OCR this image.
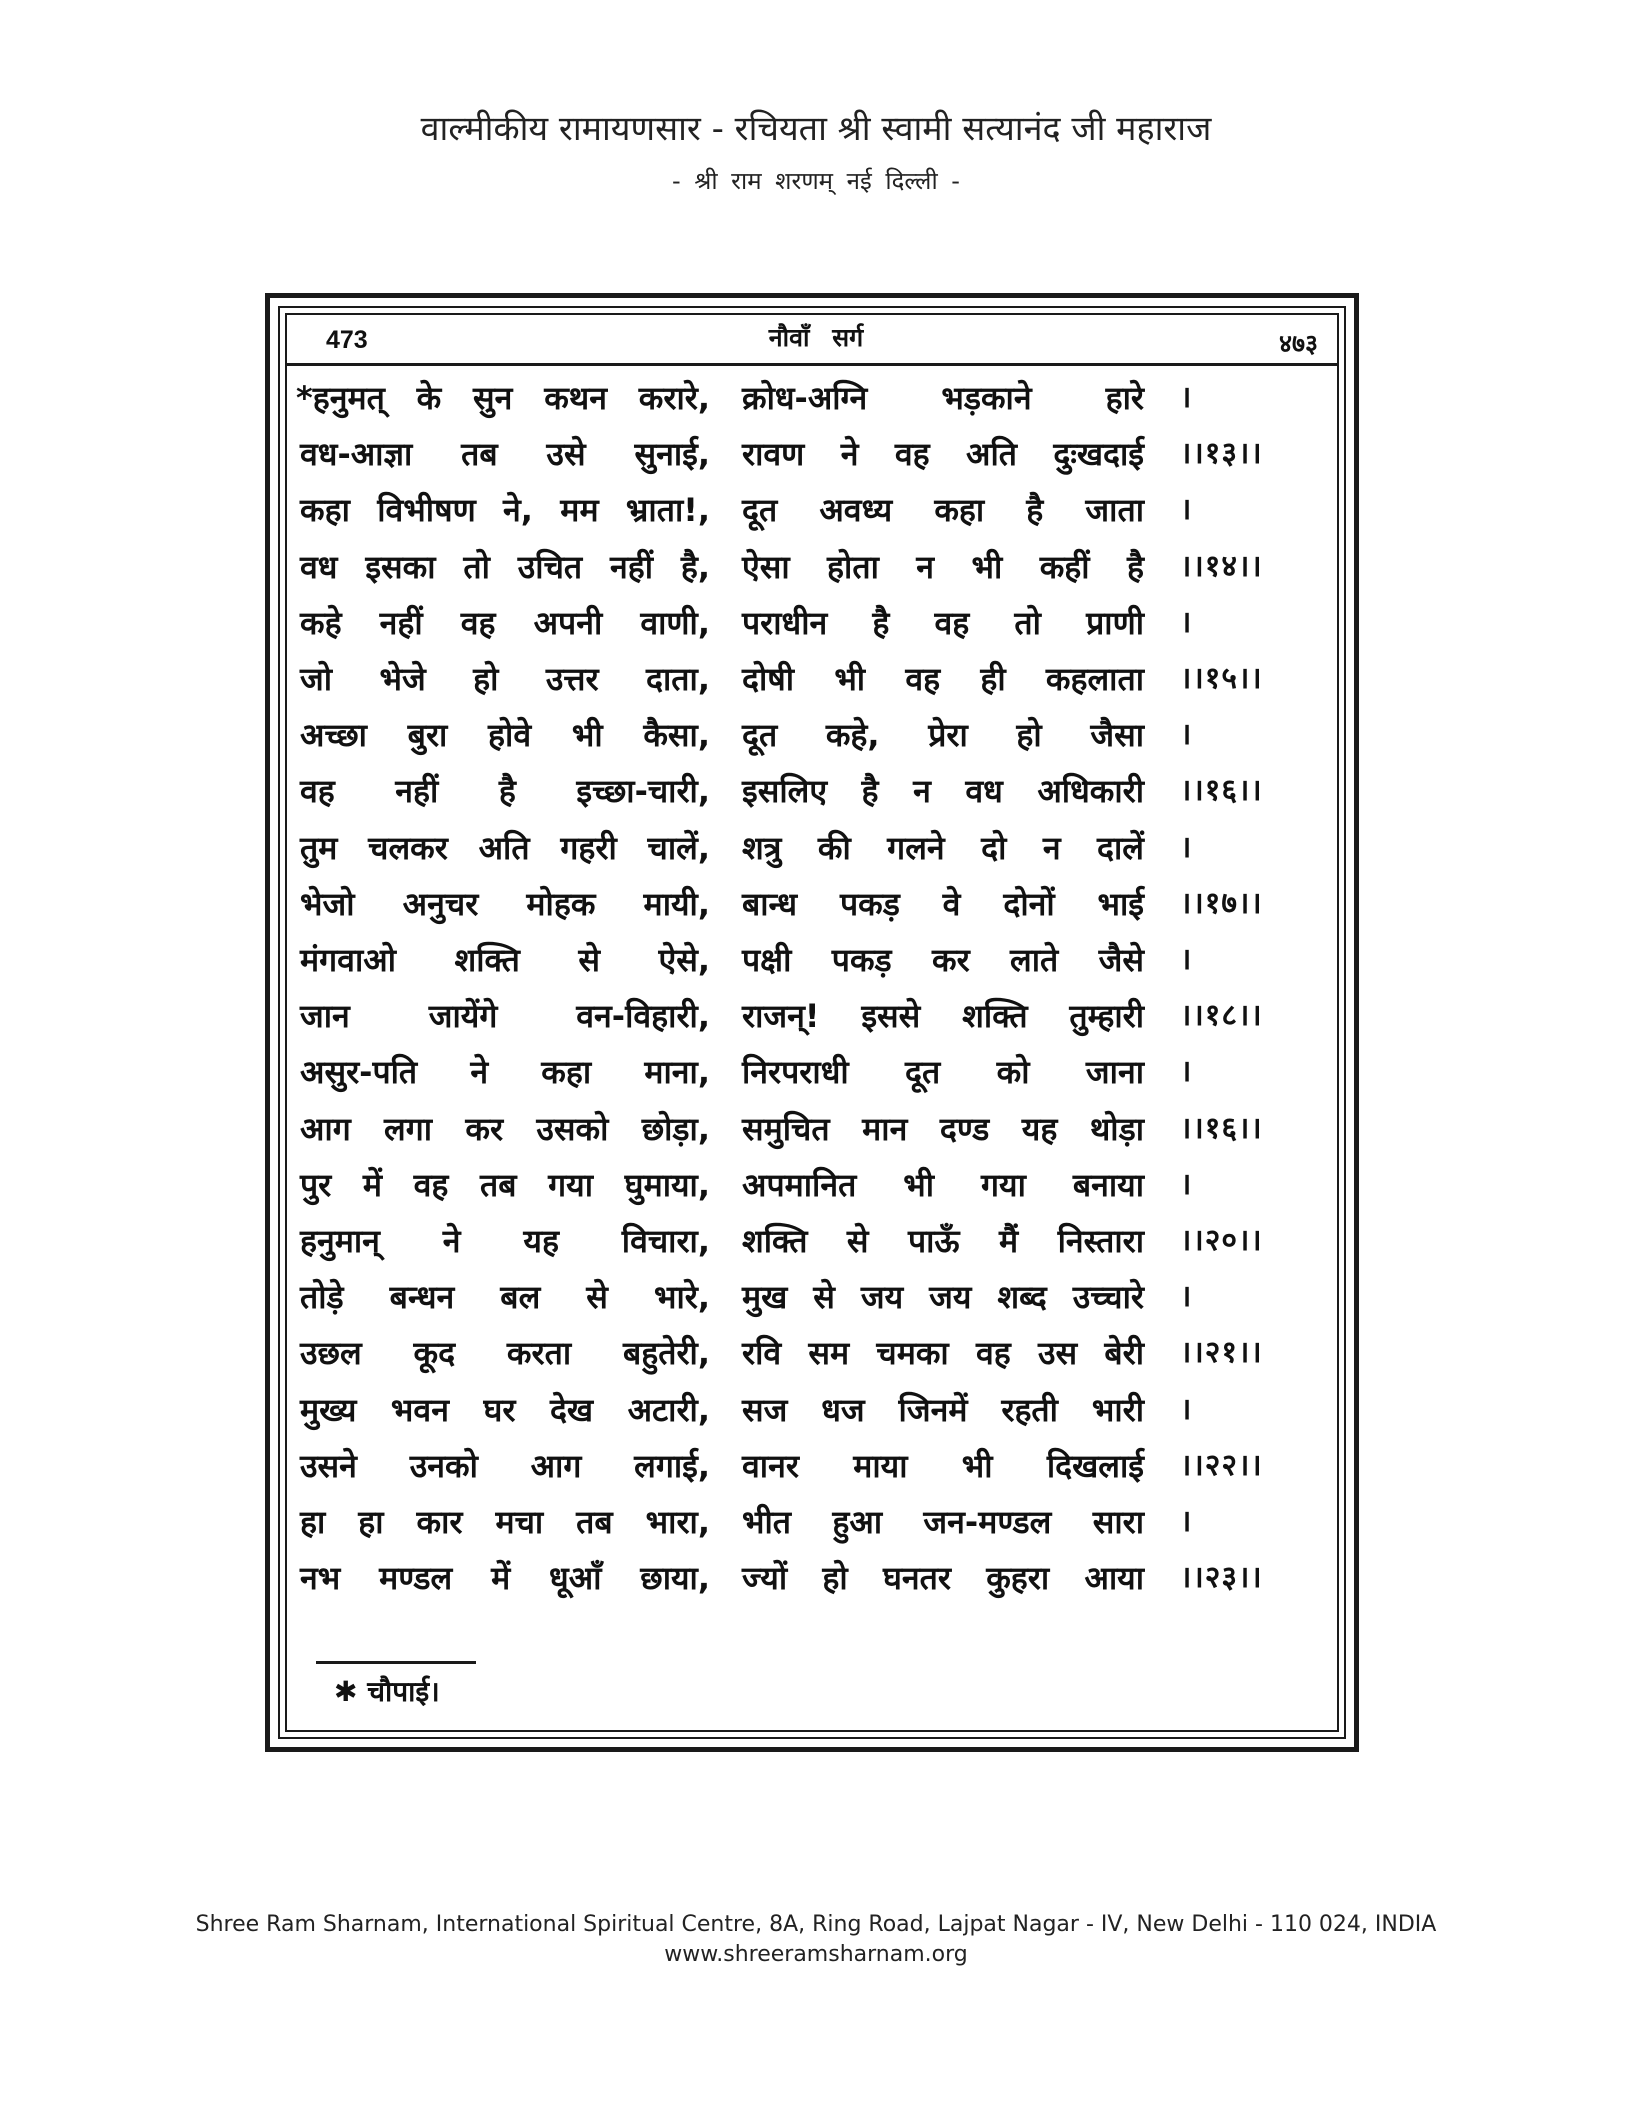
वाल्मीकीय रामायणसार - रचियता श्री स्वामी सत्यानंद जी महाराज
- श्री राम शरणम् नई दिल्ली -
473	नौवाँ सर्ग	४७३
*हनुमत् के सुन कथन करारे, क्रोध-अग्नि भड़काने हारे ।
वध-आज्ञा तब उसे सुनाई, रावण ने वह अति दुःखदाई ।।१३।।
कहा विभीषण ने, मम भ्राता!, दूत अवध्य कहा है जाता ।
वध इसका तो उचित नहीं है, ऐसा होता न भी कहीं है ।।१४।।
कहे नहीं वह अपनी वाणी, पराधीन है वह तो प्राणी ।
जो भेजे हो उत्तर दाता, दोषी भी वह ही कहलाता ।।१५।।
अच्छा बुरा होवे भी कैसा, दूत कहे, प्रेरा हो जैसा ।
वह नहीं है इच्छा-चारी, इसलिए है न वध अधिकारी ।।१६।।
तुम चलकर अति गहरी चालें, शत्रु की गलने दो न दालें ।
भेजो अनुचर मोहक मायी, बान्ध पकड़ वे दोनों भाई ।।१७।।
मंगवाओ शक्ति से ऐसे, पक्षी पकड़ कर लाते जैसे ।
जान जायेंगे वन-विहारी, राजन्! इससे शक्ति तुम्हारी ।।१८।।
असुर-पति ने कहा माना, निरपराधी दूत को जाना ।
आग लगा कर उसको छोड़ा, समुचित मान दण्ड यह थोड़ा ।।१६।।
पुर में वह तब गया घुमाया, अपमानित भी गया बनाया ।
हनुमान् ने यह विचारा, शक्ति से पाऊँ मैं निस्तारा ।।२०।।
तोड़े बन्धन बल से भारे, मुख से जय जय शब्द उच्चारे ।
उछल कूद करता बहुतेरी, रवि सम चमका वह उस बेरी ।।२१।।
मुख्य भवन घर देख अटारी, सज धज जिनमें रहती भारी ।
उसने उनको आग लगाई, वानर माया भी दिखलाई ।।२२।।
हा हा कार मचा तब भारा, भीत हुआ जन-मण्डल सारा ।
नभ मण्डल में धूआँ छाया, ज्यों हो घनतर कुहरा आया ।।२३।।
✱ चौपाई।
Shree Ram Sharnam, International Spiritual Centre, 8A, Ring Road, Lajpat Nagar - IV, New Delhi - 110 024, INDIA
www.shreeramsharnam.org
